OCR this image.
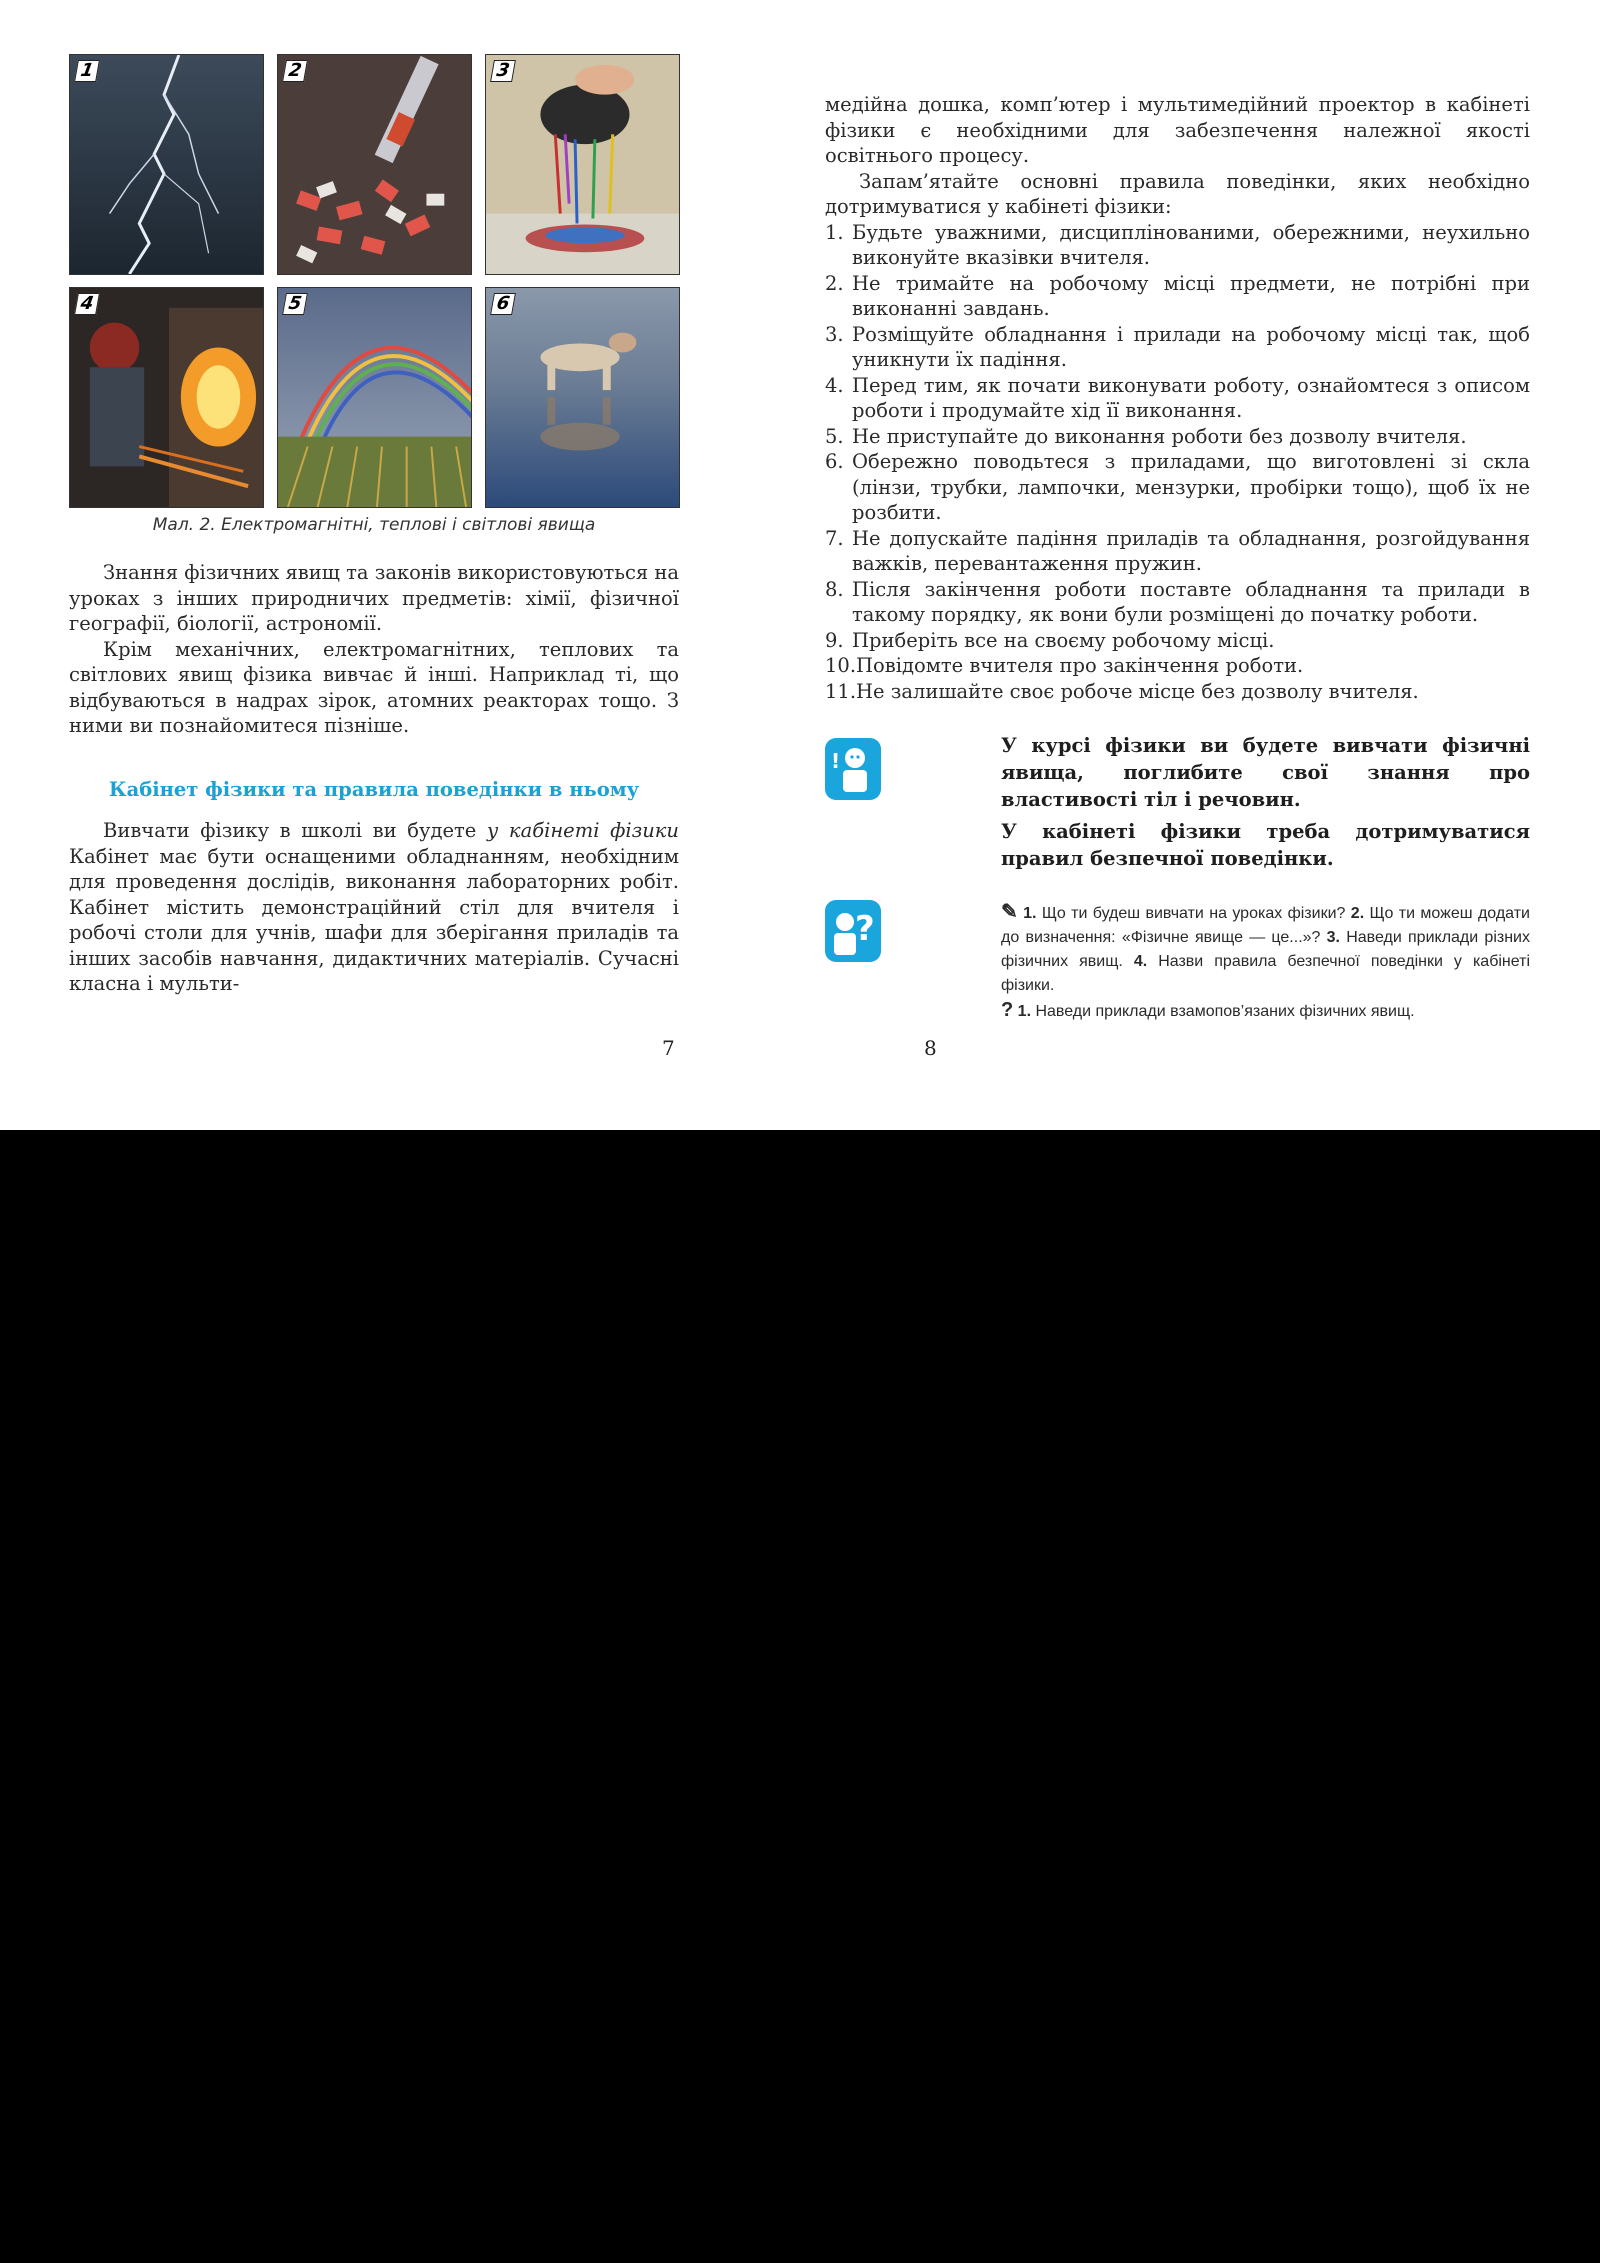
1	2	3
4	5	6
Мал. 2. Електромагнітні, теплові і світлові явища

Знання фізичних явищ та законів використовуються на уроках з інших природничих предметів: хімії, фізичної географії, біології, астрономії.

Крім механічних, електромагнітних, теплових та світлових явищ фізика вивчає й інші. Наприклад ті, що відбуваються в надрах зірок, атомних реакторах тощо. З ними ви познайомитеся пізніше.

Кабінет фізики та правила поведінки в ньому

Вивчати фізику в школі ви будете у кабінеті фізики Кабінет має бути оснащеними обладнанням, необхідним для проведення дослідів, виконання лабораторних робіт. Кабінет містить демонстраційний стіл для вчителя і робочі столи для учнів, шафи для зберігання приладів та інших засобів навчання, дидактичних матеріалів. Сучасні класна і мульти-

7

медійна дошка, комп’ютер і мультимедійний проектор в кабінеті фізики є необхідними для забезпечення належної якості освітнього процесу.

Запам’ятайте основні правила поведінки, яких необхідно дотримуватися у кабінеті фізики:

1. Будьте уважними, дисциплінованими, обережними, неухильно виконуйте вказівки вчителя.
2. Не тримайте на робочому місці предмети, не потрібні при виконанні завдань.
3. Розміщуйте обладнання і прилади на робочому місці так, щоб уникнути їх падіння.
4. Перед тим, як почати виконувати роботу, ознайомтеся з описом роботи і продумайте хід її виконання.
5. Не приступайте до виконання роботи без дозволу вчителя.
6. Обережно поводьтеся з приладами, що виготовлені зі скла (лінзи, трубки, лампочки, мензурки, пробірки тощо), щоб їх не розбити.
7. Не допускайте падіння приладів та обладнання, розгойдування важків, перевантаження пружин.
8. Після закінчення роботи поставте обладнання та прилади в такому порядку, як вони були розміщені до початку роботи.
9. Приберіть все на своєму робочому місці.
10. Повідомте вчителя про закінчення роботи.
11. Не залишайте своє робоче місце без дозволу вчителя.
!

У курсі фізики ви будете вивчати фізичні явища, поглибите свої знання про властивості тіл і речовин.

У кабінеті фізики треба дотримуватися правил безпечної поведінки.

?	✎ 1. Що ти будеш вивчати на уроках фізики? 2. Що ти можеш додати до визначення: «Фізичне явище — це...»? 3. Наведи приклади різних фізичних явищ. 4. Назви правила безпечної поведінки у кабінеті фізики.

? 1. Наведи приклади взамопов’язаних фізичних явищ.

8
